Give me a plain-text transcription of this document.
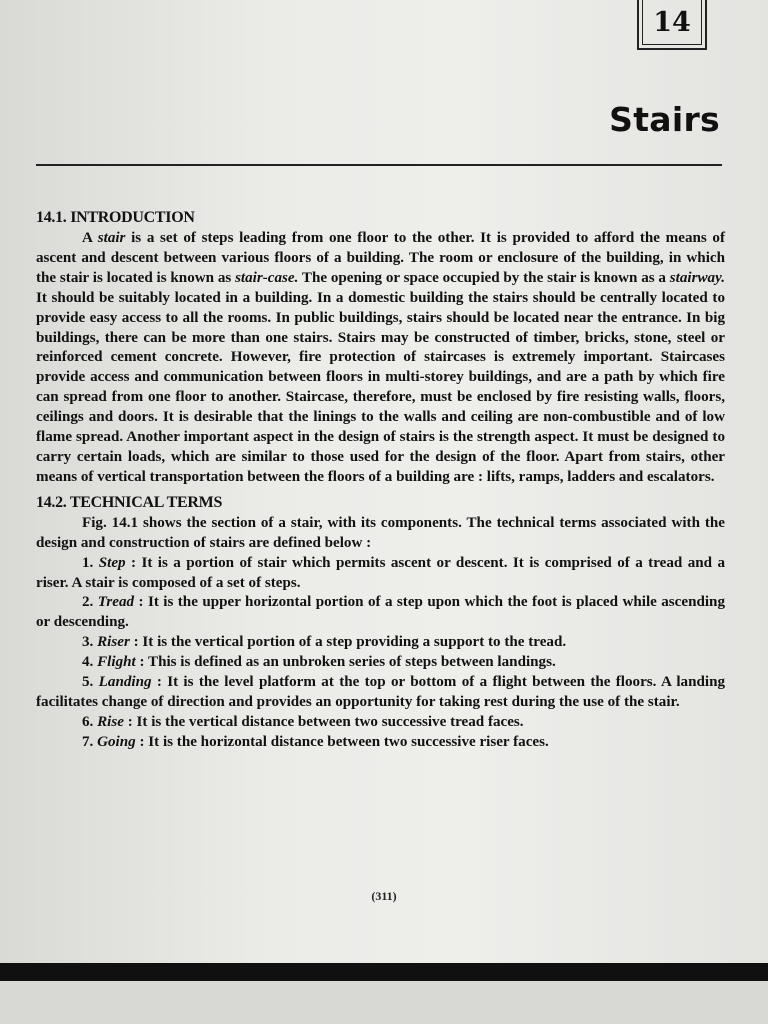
14
Stairs

14.1. INTRODUCTION

A stair is a set of steps leading from one floor to the other. It is provided to afford the means of ascent and descent between various floors of a building. The room or enclosure of the building, in which the stair is located is known as stair-case. The opening or space occupied by the stair is known as a stairway. It should be suitably located in a building. In a domestic building the stairs should be centrally located to provide easy access to all the rooms. In public buildings, stairs should be located near the entrance. In big buildings, there can be more than one stairs. Stairs may be constructed of timber, bricks, stone, steel or reinforced cement concrete. However, fire protection of staircases is extremely important. Staircases provide access and communication between floors in multi-storey buildings, and are a path by which fire can spread from one floor to another. Staircase, therefore, must be enclosed by fire resisting walls, floors, ceilings and doors. It is desirable that the linings to the walls and ceiling are non-combustible and of low flame spread. Another important aspect in the design of stairs is the strength aspect. It must be designed to carry certain loads, which are similar to those used for the design of the floor. Apart from stairs, other means of vertical transportation between the floors of a building are : lifts, ramps, ladders and escalators.

14.2. TECHNICAL TERMS

Fig. 14.1 shows the section of a stair, with its components. The technical terms associated with the design and construction of stairs are defined below :

1. Step : It is a portion of stair which permits ascent or descent. It is comprised of a tread and a riser. A stair is composed of a set of steps.

2. Tread : It is the upper horizontal portion of a step upon which the foot is placed while ascending or descending.

3. Riser : It is the vertical portion of a step providing a support to the tread.

4. Flight : This is defined as an unbroken series of steps between landings.

5. Landing : It is the level platform at the top or bottom of a flight between the floors. A landing facilitates change of direction and provides an opportunity for taking rest during the use of the stair.

6. Rise : It is the vertical distance between two successive tread faces.

7. Going : It is the horizontal distance between two successive riser faces.

(311)
